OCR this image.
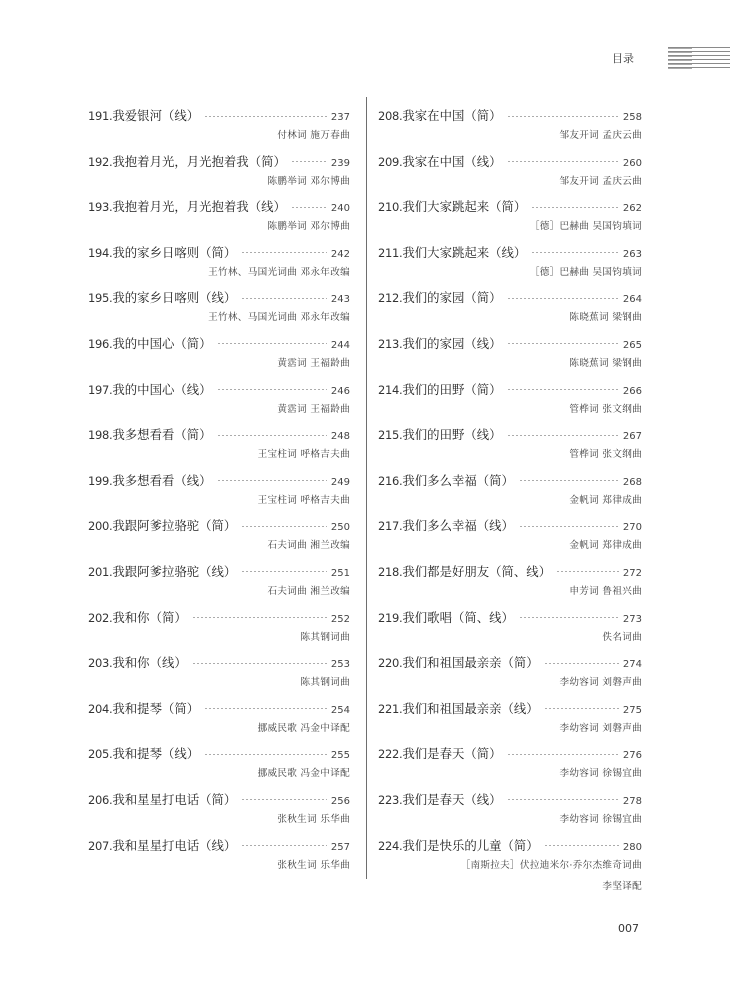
目录
191. 我爱银河（线）	237
付林词 施万春曲
192. 我抱着月光，月光抱着我（简）	239
陈鹏举词 邓尔博曲
193. 我抱着月光，月光抱着我（线）	240
陈鹏举词 邓尔博曲
194. 我的家乡日喀则（简）	242
王竹林、马国光词曲 邓永年改编
195. 我的家乡日喀则（线）	243
王竹林、马国光词曲 邓永年改编
196. 我的中国心（简）	244
黄霑词 王福龄曲
197. 我的中国心（线）	246
黄霑词 王福龄曲
198. 我多想看看（简）	248
王宝柱词 呼格吉夫曲
199. 我多想看看（线）	249
王宝柱词 呼格吉夫曲
200. 我跟阿爹拉骆驼（简）	250
石夫词曲 湘兰改编
201. 我跟阿爹拉骆驼（线）	251
石夫词曲 湘兰改编
202. 我和你（简）	252
陈其钢词曲
203. 我和你（线）	253
陈其钢词曲
204. 我和提琴（简）	254
挪威民歌 冯金中译配
205. 我和提琴（线）	255
挪威民歌 冯金中译配
206. 我和星星打电话（简）	256
张秋生词 乐华曲
207. 我和星星打电话（线）	257
张秋生词 乐华曲
208. 我家在中国（简）	258
邹友开词 孟庆云曲
209. 我家在中国（线）	260
邹友开词 孟庆云曲
210. 我们大家跳起来（简）	262
［德］巴赫曲 吴国钧填词
211. 我们大家跳起来（线）	263
［德］巴赫曲 吴国钧填词
212. 我们的家园（简）	264
陈晓蕉词 梁钢曲
213. 我们的家园（线）	265
陈晓蕉词 梁钢曲
214. 我们的田野（简）	266
管桦词 张文纲曲
215. 我们的田野（线）	267
管桦词 张文纲曲
216. 我们多么幸福（简）	268
金帆词 郑律成曲
217. 我们多么幸福（线）	270
金帆词 郑律成曲
218. 我们都是好朋友（简、线）	272
申芳词 鲁祖兴曲
219. 我们歌唱（简、线）	273
佚名词曲
220. 我们和祖国最亲亲（简）	274
李幼容词 刘磐声曲
221. 我们和祖国最亲亲（线）	275
李幼容词 刘磐声曲
222. 我们是春天（简）	276
李幼容词 徐锡宜曲
223. 我们是春天（线）	278
李幼容词 徐锡宜曲
224. 我们是快乐的儿童（简）	280
［南斯拉夫］伏拉迪米尔·乔尔杰维奇词曲
李坚译配
007
